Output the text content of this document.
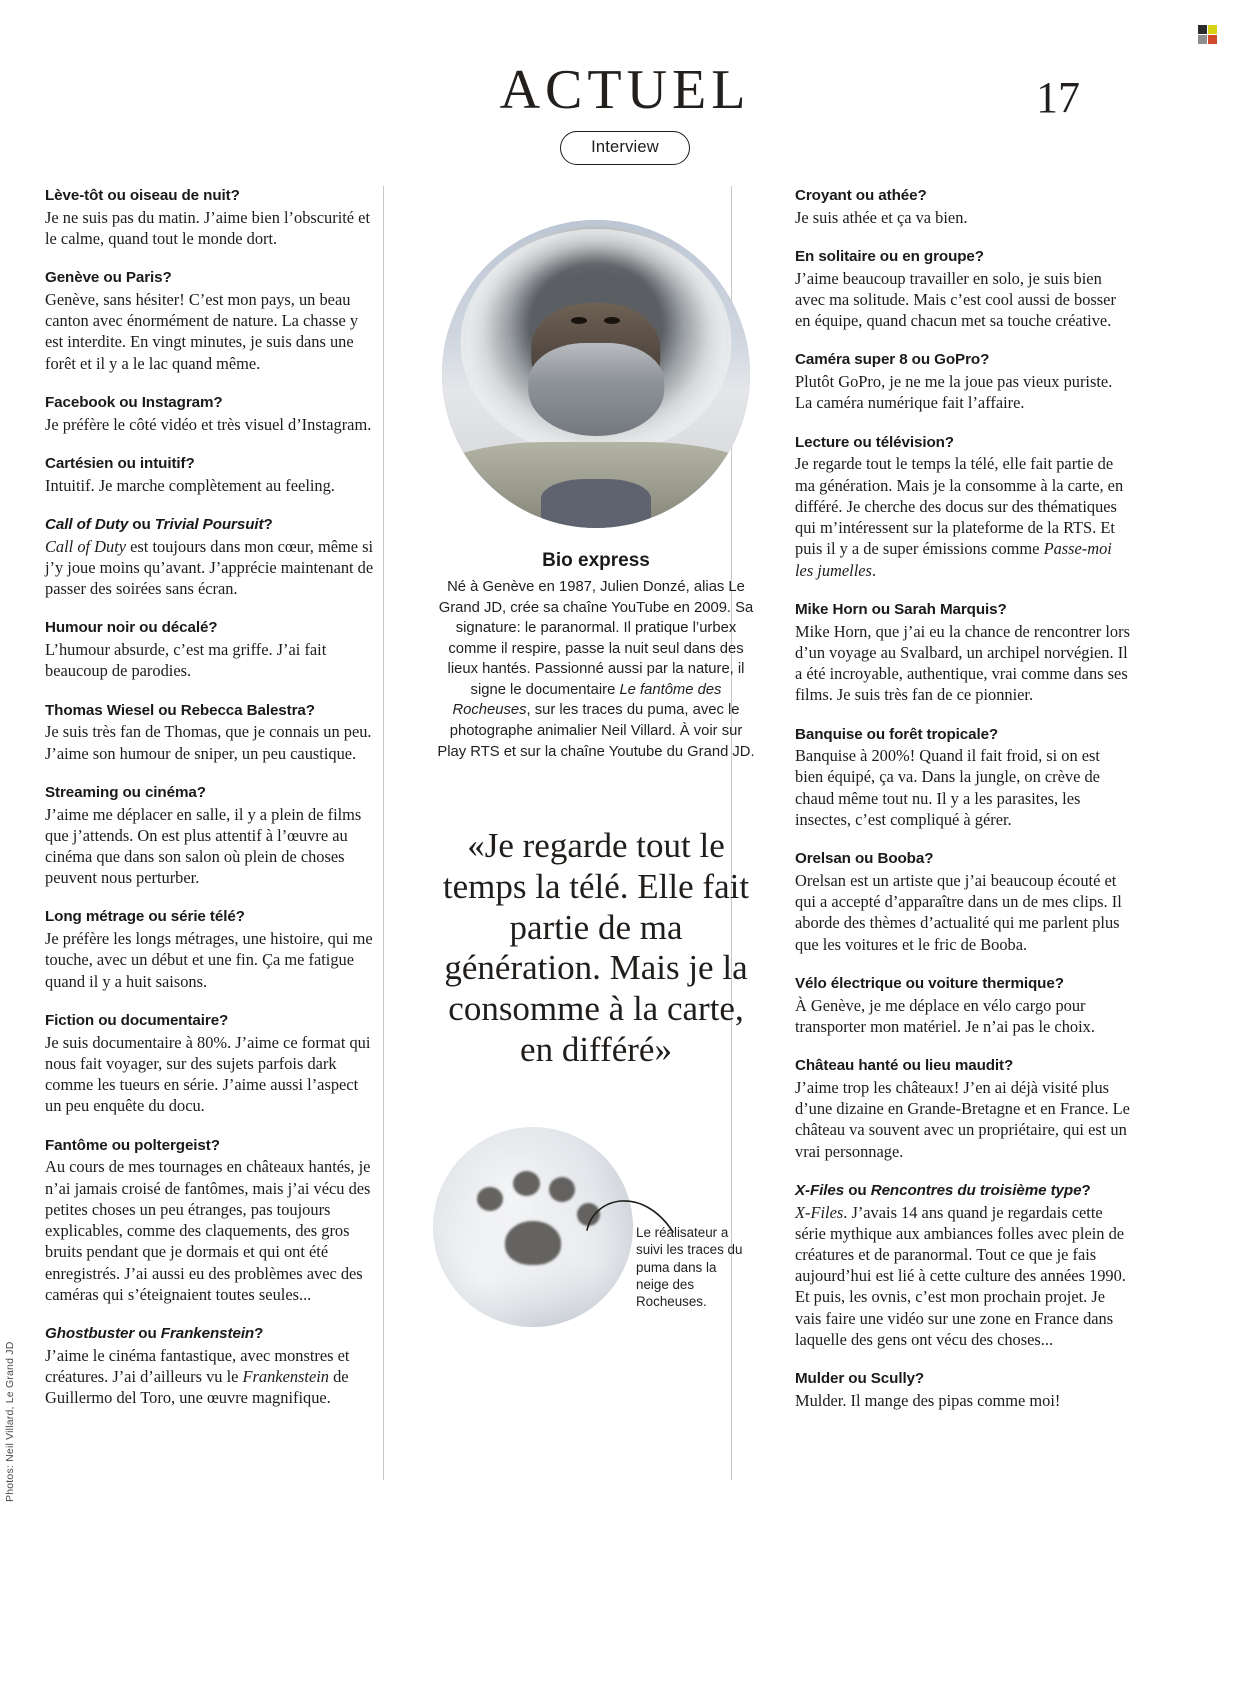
ACTUEL
Interview
17
Photos: Neil Villard, Le Grand JD
Lève-tôt ou oiseau de nuit?
Je ne suis pas du matin. J’aime bien l’obscurité et le calme, quand tout le monde dort.
Genève ou Paris?
Genève, sans hésiter! C’est mon pays, un beau canton avec énormément de nature. La chasse y est interdite. En vingt minutes, je suis dans une forêt et il y a le lac quand même.
Facebook ou Instagram?
Je préfère le côté vidéo et très visuel d’Instagram.
Cartésien ou intuitif?
Intuitif. Je marche complètement au feeling.
Call of Duty ou Trivial Poursuit?
Call of Duty est toujours dans mon cœur, même si j’y joue moins qu’avant. J’apprécie maintenant de passer des soirées sans écran.
Humour noir ou décalé?
L’humour absurde, c’est ma griffe. J’ai fait beaucoup de parodies.
Thomas Wiesel ou Rebecca Balestra?
Je suis très fan de Thomas, que je connais un peu. J’aime son humour de sniper, un peu caustique.
Streaming ou cinéma?
J’aime me déplacer en salle, il y a plein de films que j’attends. On est plus attentif à l’œuvre au cinéma que dans son salon où plein de choses peuvent nous perturber.
Long métrage ou série télé?
Je préfère les longs métrages, une histoire, qui me touche, avec un début et une fin. Ça me fatigue quand il y a huit saisons.
Fiction ou documentaire?
Je suis documentaire à 80%. J’aime ce format qui nous fait voyager, sur des sujets parfois dark comme les tueurs en série. J’aime aussi l’aspect un peu enquête du docu.
Fantôme ou poltergeist?
Au cours de mes tournages en châteaux hantés, je n’ai jamais croisé de fantômes, mais j’ai vécu des petites choses un peu étranges, pas toujours explicables, comme des claquements, des gros bruits pendant que je dormais et qui ont été enregistrés. J’ai aussi eu des problèmes avec des caméras qui s’éteignaient toutes seules...
Ghostbuster ou Frankenstein?
J’aime le cinéma fantastique, avec monstres et créatures. J’ai d’ailleurs vu le Frankenstein de Guillermo del Toro, une œuvre magnifique.
Bio express
Né à Genève en 1987, Julien Donzé, alias Le Grand JD, crée sa chaîne YouTube en 2009. Sa signature: le paranormal. Il pratique l’urbex comme il respire, passe la nuit seul dans des lieux hantés. Passionné aussi par la nature, il signe le documentaire Le fantôme des Rocheuses, sur les traces du puma, avec le photographe animalier Neil Villard. À voir sur Play RTS et sur la chaîne Youtube du Grand JD.
«Je regarde tout le temps la télé. Elle fait partie de ma génération. Mais je la consomme à la carte, en différé»
Le réalisateur a suivi les traces du puma dans la neige des Rocheuses.
Croyant ou athée?
Je suis athée et ça va bien.
En solitaire ou en groupe?
J’aime beaucoup travailler en solo, je suis bien avec ma solitude. Mais c’est cool aussi de bosser en équipe, quand chacun met sa touche créative.
Caméra super 8 ou GoPro?
Plutôt GoPro, je ne me la joue pas vieux puriste. La caméra numérique fait l’affaire.
Lecture ou télévision?
Je regarde tout le temps la télé, elle fait partie de ma génération. Mais je la consomme à la carte, en différé. Je cherche des docus sur des thématiques qui m’intéressent sur la plateforme de la RTS. Et puis il y a de super émissions comme Passe-moi les jumelles.
Mike Horn ou Sarah Marquis?
Mike Horn, que j’ai eu la chance de rencontrer lors d’un voyage au Svalbard, un archipel norvégien. Il a été incroyable, authentique, vrai comme dans ses films. Je suis très fan de ce pionnier.
Banquise ou forêt tropicale?
Banquise à 200%! Quand il fait froid, si on est bien équipé, ça va. Dans la jungle, on crève de chaud même tout nu. Il y a les parasites, les insectes, c’est compliqué à gérer.
Orelsan ou Booba?
Orelsan est un artiste que j’ai beaucoup écouté et qui a accepté d’apparaître dans un de mes clips. Il aborde des thèmes d’actualité qui me parlent plus que les voitures et le fric de Booba.
Vélo électrique ou voiture thermique?
À Genève, je me déplace en vélo cargo pour transporter mon matériel. Je n’ai pas le choix.
Château hanté ou lieu maudit?
J’aime trop les châteaux! J’en ai déjà visité plus d’une dizaine en Grande-Bretagne et en France. Le château va souvent avec un propriétaire, qui est un vrai personnage.
X-Files ou Rencontres du troisième type?
X-Files. J’avais 14 ans quand je regardais cette série mythique aux ambiances folles avec plein de créatures et de paranormal. Tout ce que je fais aujourd’hui est lié à cette culture des années 1990. Et puis, les ovnis, c’est mon prochain projet. Je vais faire une vidéo sur une zone en France dans laquelle des gens ont vécu des choses...
Mulder ou Scully?
Mulder. Il mange des pipas comme moi!
